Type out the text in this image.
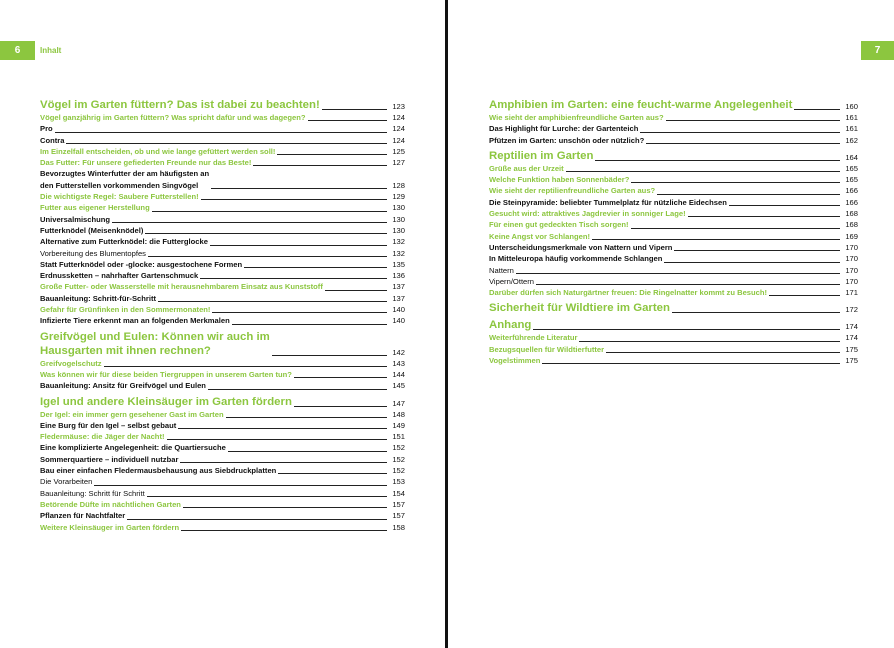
6	Inhalt
Vögel im Garten füttern? Das ist dabei zu beachten!	123
Vögel ganzjährig im Garten füttern? Was spricht dafür und was dagegen?	124
Pro	124
Contra	124
Im Einzelfall entscheiden, ob und wie lange gefüttert werden soll!	125
Das Futter: Für unsere gefiederten Freunde nur das Beste!	127
Bevorzugtes Winterfutter der am häufigsten an
den Futterstellen vorkommenden Singvögel	128
Die wichtigste Regel: Saubere Futterstellen!	129
Futter aus eigener Herstellung	130
Universalmischung	130
Futterknödel (Meisenknödel)	130
Alternative zum Futterknödel: die Futterglocke	132
Vorbereitung des Blumentopfes	132
Statt Futterknödel oder -glocke: ausgestochene Formen	135
Erdnussketten – nahrhafter Gartenschmuck	136
Große Futter- oder Wasserstelle mit herausnehmbarem Einsatz aus Kunststoff	137
Bauanleitung: Schritt-für-Schritt	137
Gefahr für Grünfinken in den Sommermonaten!	140
Infizierte Tiere erkennt man an folgenden Merkmalen	140
Greifvögel und Eulen: Können wir auch im
Hausgarten mit ihnen rechnen?	142
Greifvogelschutz	143
Was können wir für diese beiden Tiergruppen in unserem Garten tun?	144
Bauanleitung: Ansitz für Greifvögel und Eulen	145
Igel und andere Kleinsäuger im Garten fördern	147
Der Igel: ein immer gern gesehener Gast im Garten	148
Eine Burg für den Igel – selbst gebaut	149
Fledermäuse: die Jäger der Nacht!	151
Eine komplizierte Angelegenheit: die Quartiersuche	152
Sommerquartiere – individuell nutzbar	152
Bau einer einfachen Fledermausbehausung aus Siebdruckplatten	152
Die Vorarbeiten	153
Bauanleitung: Schritt für Schritt	154
Betörende Düfte im nächtlichen Garten	157
Pflanzen für Nachtfalter	157
Weitere Kleinsäuger im Garten fördern	158
7
Amphibien im Garten: eine feucht-warme Angelegenheit	160
Wie sieht der amphibienfreundliche Garten aus?	161
Das Highlight für Lurche: der Gartenteich	161
Pfützen im Garten: unschön oder nützlich?	162
Reptilien im Garten	164
Grüße aus der Urzeit	165
Welche Funktion haben Sonnenbäder?	165
Wie sieht der reptilienfreundliche Garten aus?	166
Die Steinpyramide: beliebter Tummelplatz für nützliche Eidechsen	166
Gesucht wird: attraktives Jagdrevier in sonniger Lage!	168
Für einen gut gedeckten Tisch sorgen!	168
Keine Angst vor Schlangen!	169
Unterscheidungsmerkmale von Nattern und Vipern	170
In Mitteleuropa häufig vorkommende Schlangen	170
Nattern	170
Vipern/Ottern	170
Darüber dürfen sich Naturgärtner freuen: Die Ringelnatter kommt zu Besuch!	171
Sicherheit für Wildtiere im Garten	172
Anhang	174
Weiterführende Literatur	174
Bezugsquellen für Wildtierfutter	175
Vogelstimmen	175
